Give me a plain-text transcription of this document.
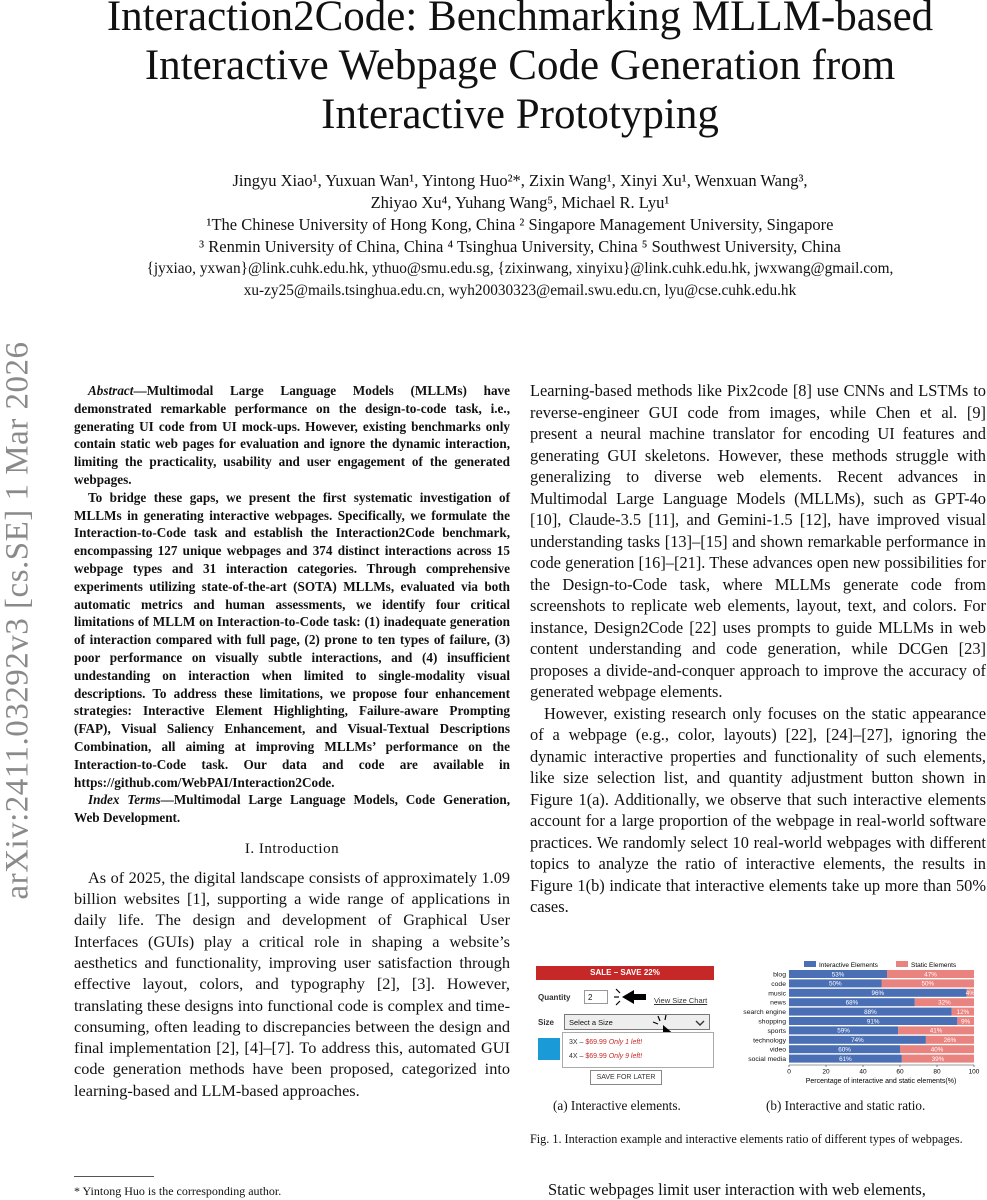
arXiv:2411.03292v3 [cs.SE] 1 Mar 2026
Interaction2Code: Benchmarking MLLM-based
Interactive Webpage Code Generation from
Interactive Prototyping
Jingyu Xiao¹, Yuxuan Wan¹, Yintong Huo²*, Zixin Wang¹, Xinyi Xu¹, Wenxuan Wang³,
Zhiyao Xu⁴, Yuhang Wang⁵, Michael R. Lyu¹
¹The Chinese University of Hong Kong, China ² Singapore Management University, Singapore
³ Renmin University of China, China ⁴ Tsinghua University, China ⁵ Southwest University, China
{jyxiao, yxwan}@link.cuhk.edu.hk, ythuo@smu.edu.sg, {zixinwang, xinyixu}@link.cuhk.edu.hk, jwxwang@gmail.com,
xu-zy25@mails.tsinghua.edu.cn, wyh20030323@email.swu.edu.cn, lyu@cse.cuhk.edu.hk

Abstract—Multimodal Large Language Models (MLLMs) have demonstrated remarkable performance on the design-to-code task, i.e., generating UI code from UI mock-ups. However, existing benchmarks only contain static web pages for evaluation and ignore the dynamic interaction, limiting the practicality, usability and user engagement of the generated webpages.

To bridge these gaps, we present the first systematic investigation of MLLMs in generating interactive webpages. Specifically, we formulate the Interaction-to-Code task and establish the Interaction2Code benchmark, encompassing 127 unique webpages and 374 distinct interactions across 15 webpage types and 31 interaction categories. Through comprehensive experiments utilizing state-of-the-art (SOTA) MLLMs, evaluated via both automatic metrics and human assessments, we identify four critical limitations of MLLM on Interaction-to-Code task: (1) inadequate generation of interaction compared with full page, (2) prone to ten types of failure, (3) poor performance on visually subtle interactions, and (4) insufficient undestanding on interaction when limited to single-modality visual descriptions. To address these limitations, we propose four enhancement strategies: Interactive Element Highlighting, Failure-aware Prompting (FAP), Visual Saliency Enhancement, and Visual-Textual Descriptions Combination, all aiming at improving MLLMs’ performance on the Interaction-to-Code task. Our data and code are available in https://github.com/WebPAI/Interaction2Code.

Index Terms—Multimodal Large Language Models, Code Generation, Web Development.

I. Introduction

As of 2025, the digital landscape consists of approximately 1.09 billion websites [1], supporting a wide range of applications in daily life. The design and development of Graphical User Interfaces (GUIs) play a critical role in shaping a website’s aesthetics and functionality, improving user satisfaction through effective layout, colors, and typography [2], [3]. However, translating these designs into functional code is complex and time-consuming, often leading to discrepancies between the design and final implementation [2], [4]–[7]. To address this, automated GUI code generation methods have been proposed, categorized into learning-based and LLM-based approaches.

* Yintong Huo is the corresponding author.

Learning-based methods like Pix2code [8] use CNNs and LSTMs to reverse-engineer GUI code from images, while Chen et al. [9] present a neural machine translator for encoding UI features and generating GUI skeletons. However, these methods struggle with generalizing to diverse web elements. Recent advances in Multimodal Large Language Models (MLLMs), such as GPT-4o [10], Claude-3.5 [11], and Gemini-1.5 [12], have improved visual understanding tasks [13]–[15] and shown remarkable performance in code generation [16]–[21]. These advances open new possibilities for the Design-to-Code task, where MLLMs generate code from screenshots to replicate web elements, layout, text, and colors. For instance, Design2Code [22] uses prompts to guide MLLMs in web content understanding and code generation, while DCGen [23] proposes a divide-and-conquer approach to improve the accuracy of generated webpage elements.

However, existing research only focuses on the static appearance of a webpage (e.g., color, layouts) [22], [24]–[27], ignoring the dynamic interactive properties and functionality of such elements, like size selection list, and quantity adjustment button shown in Figure 1(a). Additionally, we observe that such interactive elements account for a large proportion of the webpage in real-world software practices. We randomly select 10 real-world webpages with different topics to analyze the ratio of interactive elements, the results in Figure 1(b) indicate that interactive elements take up more than 50% cases.

SALE – SAVE 22%
Quantity	2	View Size Chart
Size	Select a Size
3X – $69.99 Only 1 left!
4X – $69.99 Only 9 left!
SAVE FOR LATER
Interactive Elements	Static Elements
blog	53%	47%
code	50%	50%
music	96%	4%
news	68%	32%
search engine	88%	12%
shopping	91%	9%
sports	59%	41%
technology	74%	26%
video	60%	40%
social media	61%	39%
0	20	40	60	80	100
Percentage of interactive and static elements(%)
(a) Interactive elements.	(b) Interactive and static ratio.
Fig. 1. Interaction example and interactive elements ratio of different types of webpages.
Static webpages limit user interaction with web elements,
